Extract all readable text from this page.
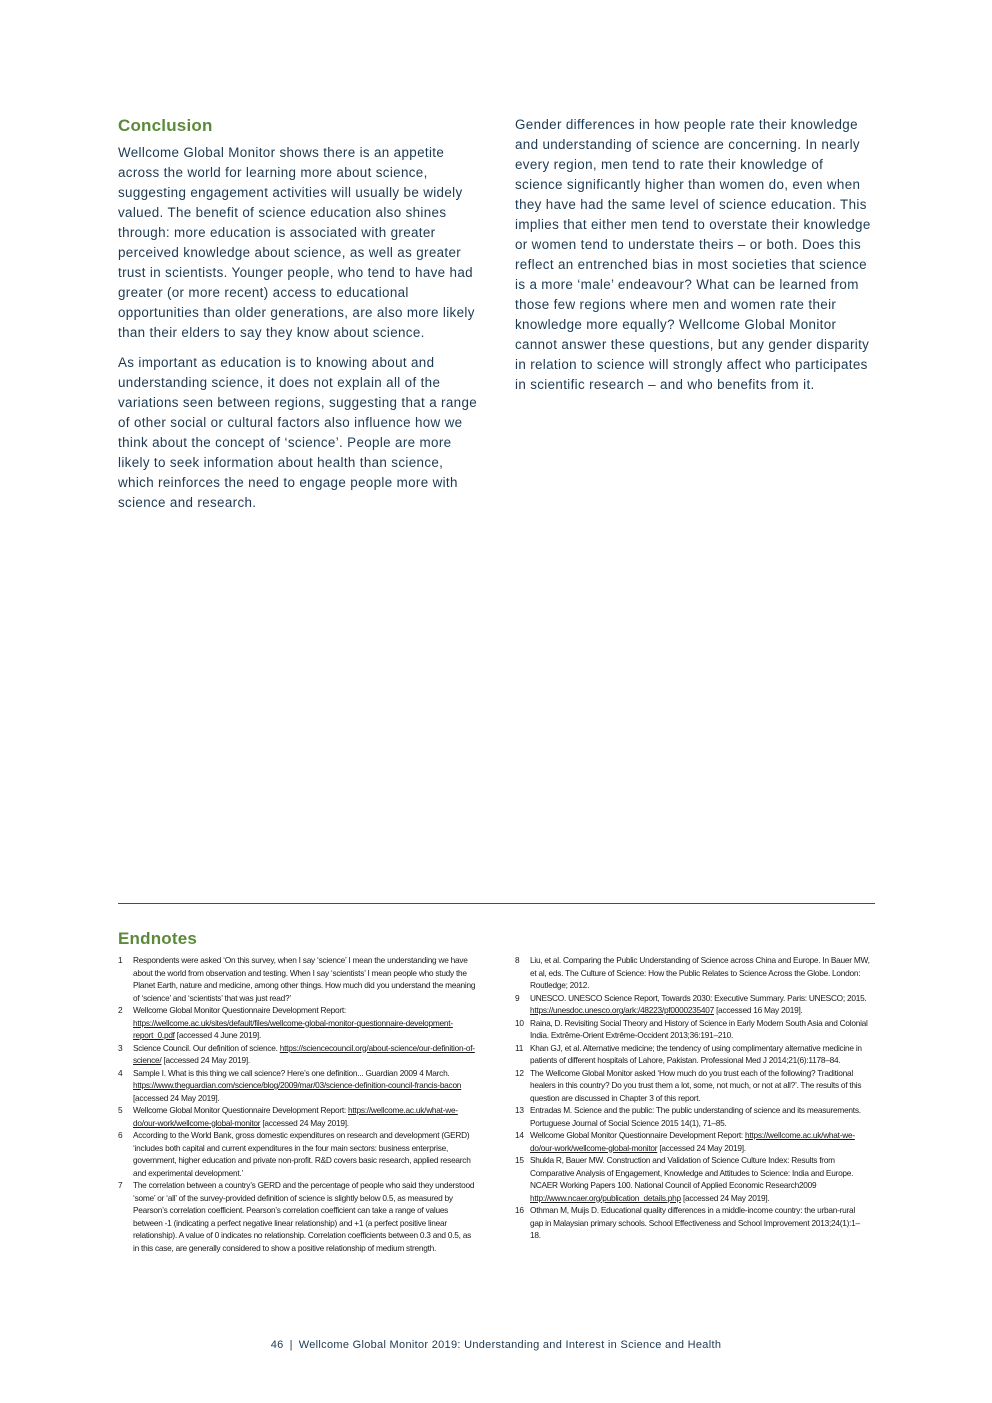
Conclusion

Wellcome Global Monitor shows there is an appetite across the world for learning more about science, suggesting engagement activities will usually be widely valued. The benefit of science education also shines through: more education is associated with greater perceived knowledge about science, as well as greater trust in scientists. Younger people, who tend to have had greater (or more recent) access to educational opportunities than older generations, are also more likely than their elders to say they know about science.

As important as education is to knowing about and understanding science, it does not explain all of the variations seen between regions, suggesting that a range of other social or cultural factors also influence how we think about the concept of ‘science’. People are more likely to seek information about health than science, which reinforces the need to engage people more with science and research.

Gender differences in how people rate their knowledge and understanding of science are concerning. In nearly every region, men tend to rate their knowledge of science significantly higher than women do, even when they have had the same level of science education. This implies that either men tend to overstate their knowledge or women tend to understate theirs – or both. Does this reflect an entrenched bias in most societies that science is a more ‘male’ endeavour? What can be learned from those few regions where men and women rate their knowledge more equally? Wellcome Global Monitor cannot answer these questions, but any gender disparity in relation to science will strongly affect who participates in scientific research – and who benefits from it.

Endnotes
1 Respondents were asked ‘On this survey, when I say ‘science’ I mean the understanding we have about the world from observation and testing. When I say ‘scientists’ I mean people who study the Planet Earth, nature and medicine, among other things. How much did you understand the meaning of ‘science’ and ‘scientists’ that was just read?’
2 Wellcome Global Monitor Questionnaire Development Report: https://wellcome.ac.uk/sites/default/files/wellcome-global-monitor-questionnaire-development-report_0.pdf [accessed 4 June 2019].
3 Science Council. Our definition of science. https://sciencecouncil.org/about-science/our-definition-of-science/ [accessed 24 May 2019].
4 Sample I. What is this thing we call science? Here’s one definition... Guardian 2009 4 March. https://www.theguardian.com/science/blog/2009/mar/03/science-definition-council-francis-bacon [accessed 24 May 2019].
5 Wellcome Global Monitor Questionnaire Development Report: https://wellcome.ac.uk/what-we-do/our-work/wellcome-global-monitor [accessed 24 May 2019].
6 According to the World Bank, gross domestic expenditures on research and development (GERD) ‘includes both capital and current expenditures in the four main sectors: business enterprise, government, higher education and private non-profit. R&D covers basic research, applied research and experimental development.’
7 The correlation between a country’s GERD and the percentage of people who said they understood ‘some’ or ‘all’ of the survey-provided definition of science is slightly below 0.5, as measured by Pearson’s correlation coefficient. Pearson’s correlation coefficient can take a range of values between -1 (indicating a perfect negative linear relationship) and +1 (a perfect positive linear relationship). A value of 0 indicates no relationship. Correlation coefficients between 0.3 and 0.5, as in this case, are generally considered to show a positive relationship of medium strength.
8 Liu, et al. Comparing the Public Understanding of Science across China and Europe. In Bauer MW, et al, eds. The Culture of Science: How the Public Relates to Science Across the Globe. London: Routledge; 2012.
9 UNESCO. UNESCO Science Report, Towards 2030: Executive Summary. Paris: UNESCO; 2015. https://unesdoc.unesco.org/ark:/48223/pf0000235407 [accessed 16 May 2019].
10 Raina, D. Revisiting Social Theory and History of Science in Early Modern South Asia and Colonial India. Extrême-Orient Extrême-Occident 2013;36:191–210.
11 Khan GJ, et al. Alternative medicine; the tendency of using complimentary alternative medicine in patients of different hospitals of Lahore, Pakistan. Professional Med J 2014;21(6):1178–84.
12 The Wellcome Global Monitor asked ‘How much do you trust each of the following? Traditional healers in this country? Do you trust them a lot, some, not much, or not at all?’. The results of this question are discussed in Chapter 3 of this report.
13 Entradas M. Science and the public: The public understanding of science and its measurements. Portuguese Journal of Social Science 2015 14(1), 71–85.
14 Wellcome Global Monitor Questionnaire Development Report: https://wellcome.ac.uk/what-we-do/our-work/wellcome-global-monitor [accessed 24 May 2019].
15 Shukla R, Bauer MW. Construction and Validation of Science Culture Index: Results from Comparative Analysis of Engagement, Knowledge and Attitudes to Science: India and Europe. NCAER Working Papers 100. National Council of Applied Economic Research2009 http://www.ncaer.org/publication_details.php [accessed 24 May 2019].
16 Othman M, Muijs D. Educational quality differences in a middle-income country: the urban-rural gap in Malaysian primary schools. School Effectiveness and School Improvement 2013;24(1):1–18.
46 | Wellcome Global Monitor 2019: Understanding and Interest in Science and Health
